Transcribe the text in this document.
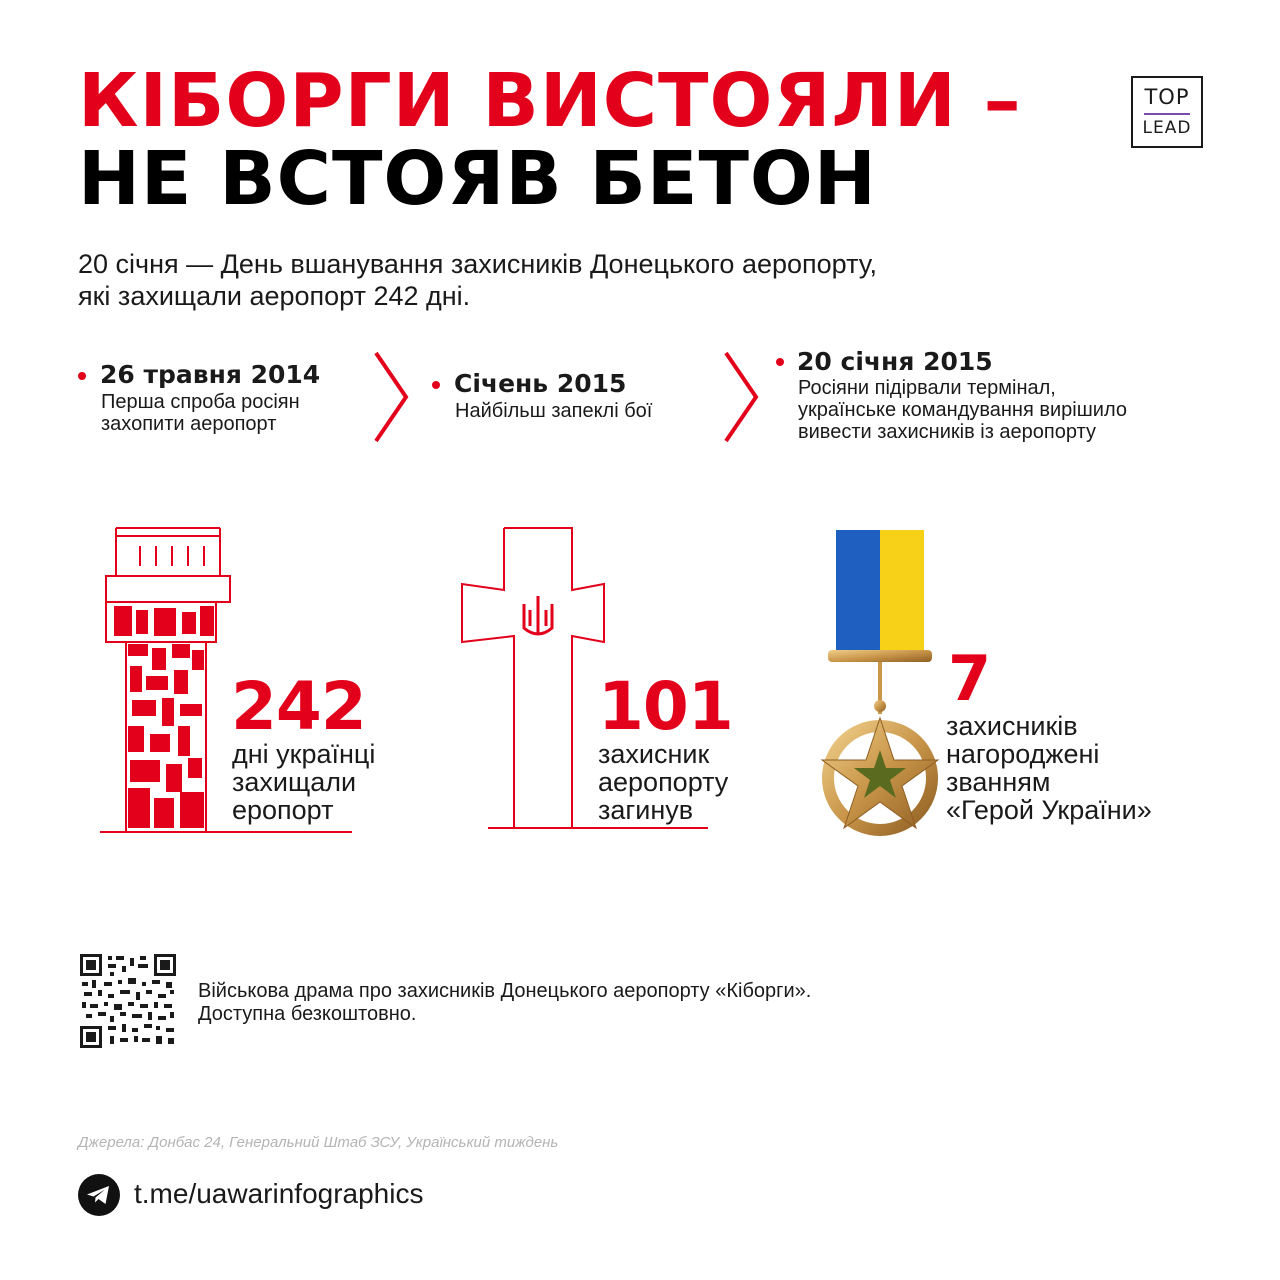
КІБОРГИ ВИСТОЯЛИ –
НЕ ВСТОЯВ БЕТОН
TOP
LEAD
20 січня — День вшанування захисників Донецького аеропорту,
які захищали аеропорт 242 дні.
26 травня 2014
Перша спроба росіян
захопити аеропорт
Січень 2015
Найбільш запеклі бої
20 січня 2015
Росіяни підірвали термінал,
українське командування вирішило
вивести захисників із аеропорту
242
дні українці
захищали
еропорт
101
захисник
аеропорту
загинув
7
захисників
нагороджені
званням
«Герой України»
Військова драма про захисників Донецького аеропорту «Кіборги».
Доступна безкоштовно.
Джерела: Донбас 24, Генеральний Штаб ЗСУ, Український тиждень
t.me/uawarinfographics
